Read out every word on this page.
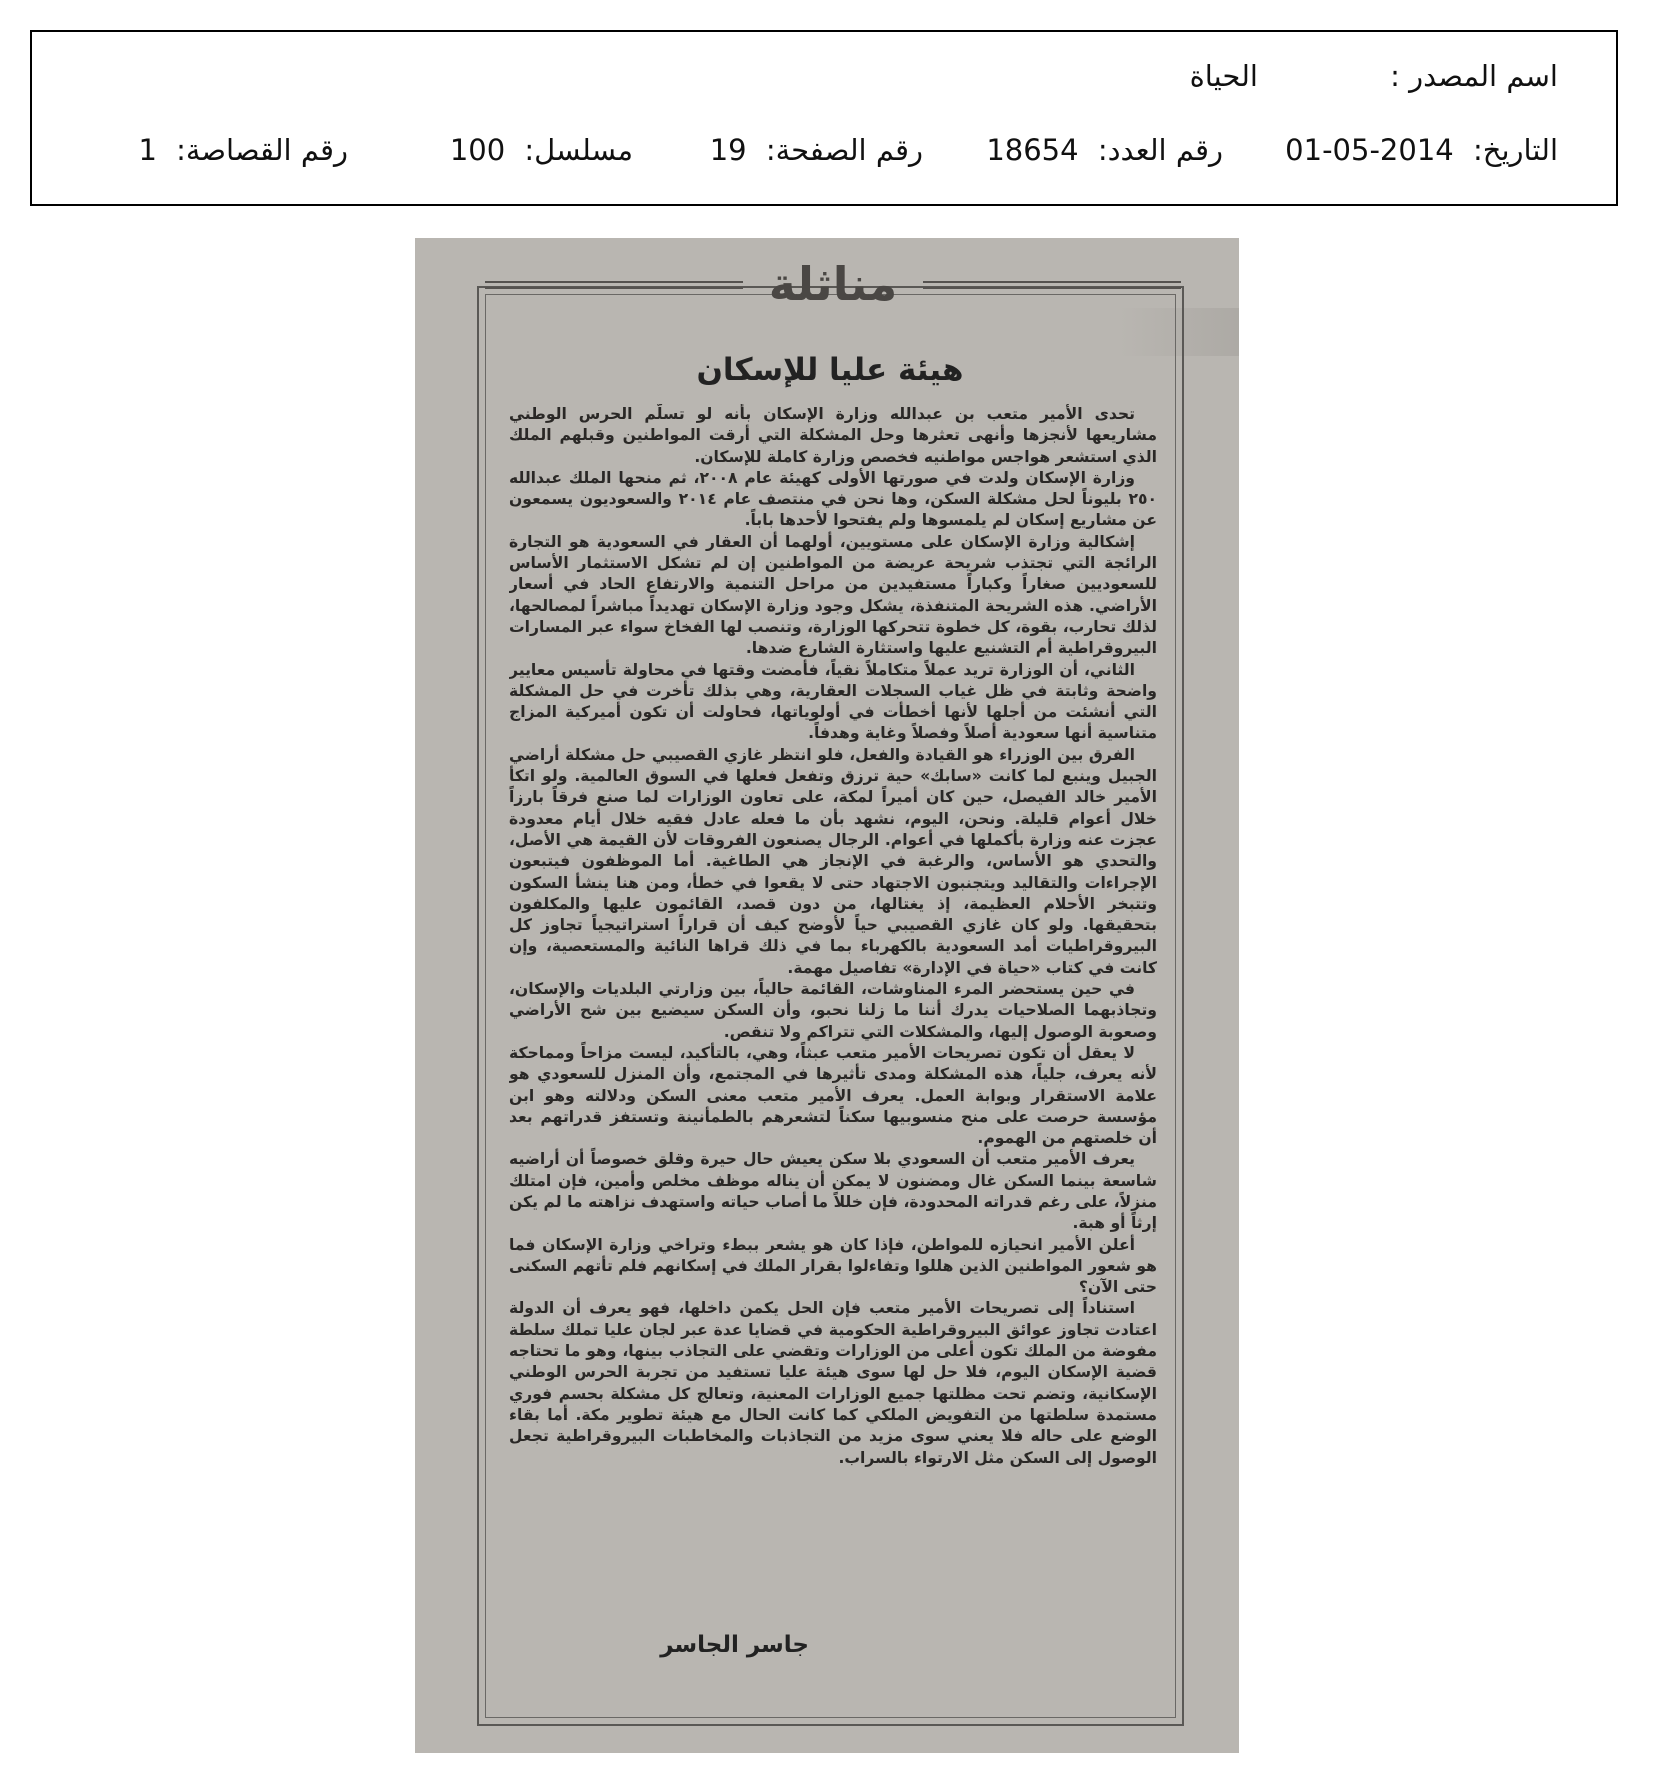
اسم المصدر :
الحياة
التاريخ: 2014-05-01
رقم العدد: 18654
رقم الصفحة: 19
مسلسل: 100
رقم القصاصة: 1
مناثلة
هيئة عليا للإسكان

تحدى الأمير متعب بن عبدالله وزارة الإسكان بأنه لو تسلّم الحرس الوطني مشاريعها لأنجزها وأنهى تعثرها وحل المشكلة التي أرقت المواطنين وقبلهم الملك الذي استشعر هواجس مواطنيه فخصص وزارة كاملة للإسكان.

وزارة الإسكان ولدت في صورتها الأولى كهيئة عام ٢٠٠٨، ثم منحها الملك عبدالله ٢٥٠ بليوناً لحل مشكلة السكن، وها نحن في منتصف عام ٢٠١٤ والسعوديون يسمعون عن مشاريع إسكان لم يلمسوها ولم يفتحوا لأحدها باباً.

إشكالية وزارة الإسكان على مستويين، أولهما أن العقار في السعودية هو التجارة الرائجة التي تجتذب شريحة عريضة من المواطنين إن لم تشكل الاستثمار الأساس للسعوديين صغاراً وكباراً مستفيدين من مراحل التنمية والارتفاع الحاد في أسعار الأراضي. هذه الشريحة المتنفذة، يشكل وجود وزارة الإسكان تهديداً مباشراً لمصالحها، لذلك تحارب، بقوة، كل خطوة تتحركها الوزارة، وتنصب لها الفخاخ سواء عبر المسارات البيروقراطية أم التشنيع عليها واستثارة الشارع ضدها.

الثاني، أن الوزارة تريد عملاً متكاملاً نقياً، فأمضت وقتها في محاولة تأسيس معايير واضحة وثابتة في ظل غياب السجلات العقارية، وهي بذلك تأخرت في حل المشكلة التي أنشئت من أجلها لأنها أخطأت في أولوياتها، فحاولت أن تكون أميركية المزاج متناسية أنها سعودية أصلاً وفصلاً وغاية وهدفاً.

الفرق بين الوزراء هو القيادة والفعل، فلو انتظر غازي القصيبي حل مشكلة أراضي الجبيل وينبع لما كانت «سابك» حية ترزق وتفعل فعلها في السوق العالمية. ولو اتكأ الأمير خالد الفيصل، حين كان أميراً لمكة، على تعاون الوزارات لما صنع فرقاً بارزاً خلال أعوام قليلة. ونحن، اليوم، نشهد بأن ما فعله عادل فقيه خلال أيام معدودة عجزت عنه وزارة بأكملها في أعوام. الرجال يصنعون الفروقات لأن القيمة هي الأصل، والتحدي هو الأساس، والرغبة في الإنجاز هي الطاغية. أما الموظفون فيتبعون الإجراءات والتقاليد ويتجنبون الاجتهاد حتى لا يقعوا في خطأ، ومن هنا ينشأ السكون وتتبخر الأحلام العظيمة، إذ يغتالها، من دون قصد، القائمون عليها والمكلفون بتحقيقها. ولو كان غازي القصيبي حياً لأوضح كيف أن قراراً استراتيجياً تجاوز كل البيروقراطيات أمد السعودية بالكهرباء بما في ذلك قراها النائية والمستعصية، وإن كانت في كتاب «حياة في الإدارة» تفاصيل مهمة.

في حين يستحضر المرء المناوشات، القائمة حالياً، بين وزارتي البلديات والإسكان، وتجاذبهما الصلاحيات يدرك أننا ما زلنا نحبو، وأن السكن سيضيع بين شح الأراضي وصعوبة الوصول إليها، والمشكلات التي تتراكم ولا تنقص.

لا يعقل أن تكون تصريحات الأمير متعب عبثاً، وهي، بالتأكيد، ليست مزاحاً ومماحكة لأنه يعرف، جلياً، هذه المشكلة ومدى تأثيرها في المجتمع، وأن المنزل للسعودي هو علامة الاستقرار وبوابة العمل. يعرف الأمير متعب معنى السكن ودلالته وهو ابن مؤسسة حرصت على منح منسوبيها سكناً لتشعرهم بالطمأنينة وتستفز قدراتهم بعد أن خلصتهم من الهموم.

يعرف الأمير متعب أن السعودي بلا سكن يعيش حال حيرة وقلق خصوصاً أن أراضيه شاسعة بينما السكن غال ومضنون لا يمكن أن يناله موظف مخلص وأمين، فإن امتلك منزلاً، على رغم قدراته المحدودة، فإن خللاً ما أصاب حياته واستهدف نزاهته ما لم يكن إرثاً أو هبة.

أعلن الأمير انحيازه للمواطن، فإذا كان هو يشعر ببطء وتراخي وزارة الإسكان فما هو شعور المواطنين الذين هللوا وتفاءلوا بقرار الملك في إسكانهم فلم تأتهم السكنى حتى الآن؟

استناداً إلى تصريحات الأمير متعب فإن الحل يكمن داخلها، فهو يعرف أن الدولة اعتادت تجاوز عوائق البيروقراطية الحكومية في قضايا عدة عبر لجان عليا تملك سلطة مفوضة من الملك تكون أعلى من الوزارات وتقضي على التجاذب بينها، وهو ما تحتاجه قضية الإسكان اليوم، فلا حل لها سوى هيئة عليا تستفيد من تجربة الحرس الوطني الإسكانية، وتضم تحت مظلتها جميع الوزارات المعنية، وتعالج كل مشكلة بحسم فوري مستمدة سلطتها من التفويض الملكي كما كانت الحال مع هيئة تطوير مكة. أما بقاء الوضع على حاله فلا يعني سوى مزيد من التجاذبات والمخاطبات البيروقراطية تجعل الوصول إلى السكن مثل الارتواء بالسراب.

جاسر الجاسر
